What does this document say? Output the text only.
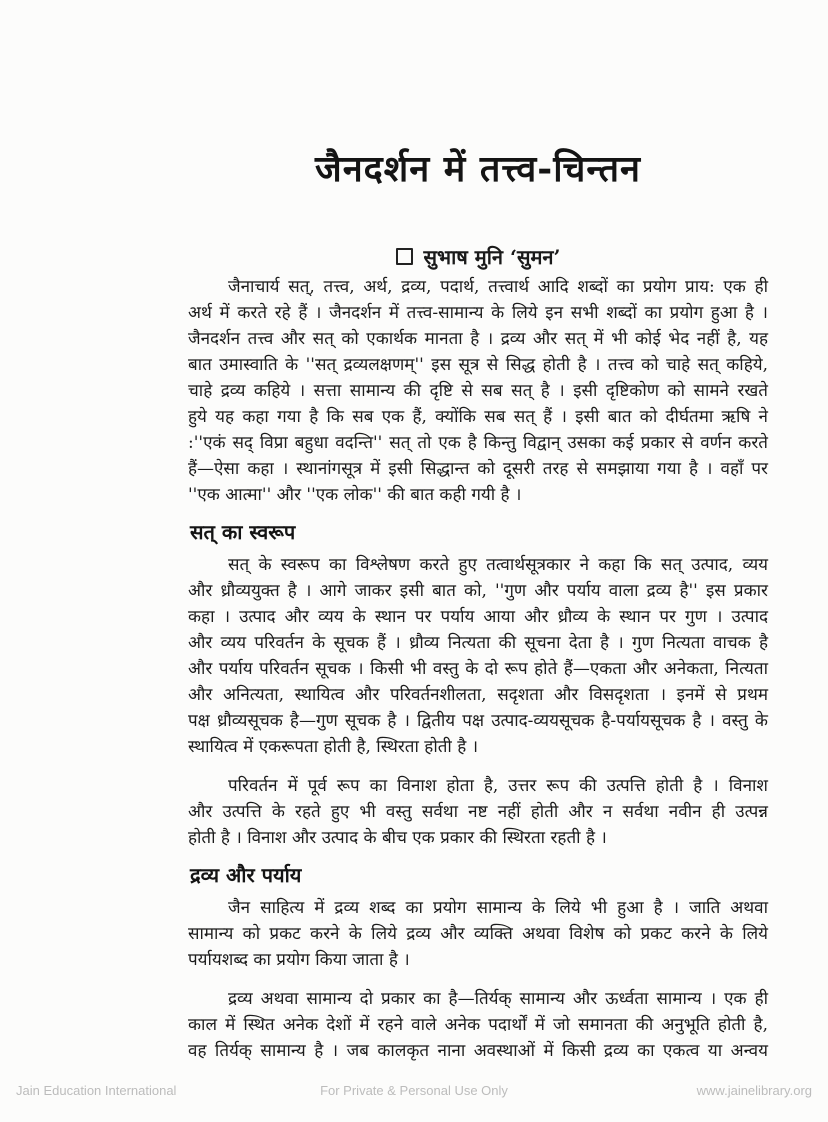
जैनदर्शन में तत्त्व-चिन्तन
सुभाष मुनि ‘सुमन’
जैनाचार्य सत्, तत्त्व, अर्थ, द्रव्य, पदार्थ, तत्त्वार्थ आदि शब्दों का प्रयोग प्राय: एक ही
अर्थ में करते रहे हैं । जैनदर्शन में तत्त्व-सामान्य के लिये इन सभी शब्दों का प्रयोग हुआ है ।
जैनदर्शन तत्त्व और सत् को एकार्थक मानता है । द्रव्य और सत् में भी कोई भेद नहीं है, यह
बात उमास्वाति के ''सत् द्रव्यलक्षणम्'' इस सूत्र से सिद्ध होती है । तत्त्व को चाहे सत् कहिये,
चाहे द्रव्य कहिये । सत्ता सामान्य की दृष्टि से सब सत् है । इसी दृष्टिकोण को सामने रखते
हुये यह कहा गया है कि सब एक हैं, क्योंकि सब सत् हैं । इसी बात को दीर्घतमा ऋषि ने
:''एकं सद् विप्रा बहुधा वदन्ति'' सत् तो एक है किन्तु विद्वान् उसका कई प्रकार से वर्णन करते
हैं—ऐसा कहा । स्थानांगसूत्र में इसी सिद्धान्त को दूसरी तरह से समझाया गया है । वहाँ पर
''एक आत्मा'' और ''एक लोक'' की बात कही गयी है ।
सत् का स्वरूप
सत् के स्वरूप का विश्लेषण करते हुए तत्वार्थसूत्रकार ने कहा कि सत् उत्पाद, व्यय
और ध्रौव्ययुक्त है । आगे जाकर इसी बात को, ''गुण और पर्याय वाला द्रव्य है'' इस प्रकार
कहा । उत्पाद और व्यय के स्थान पर पर्याय आया और ध्रौव्य के स्थान पर गुण । उत्पाद
और व्यय परिवर्तन के सूचक हैं । ध्रौव्य नित्यता की सूचना देता है । गुण नित्यता वाचक है
और पर्याय परिवर्तन सूचक । किसी भी वस्तु के दो रूप होते हैं—एकता और अनेकता, नित्यता
और अनित्यता, स्थायित्व और परिवर्तनशीलता, सदृशता और विसदृशता । इनमें से प्रथम
पक्ष ध्रौव्यसूचक है—गुण सूचक है । द्वितीय पक्ष उत्पाद-व्ययसूचक है-पर्यायसूचक है । वस्तु के
स्थायित्व में एकरूपता होती है, स्थिरता होती है ।
परिवर्तन में पूर्व रूप का विनाश होता है, उत्तर रूप की उत्पत्ति होती है । विनाश
और उत्पत्ति के रहते हुए भी वस्तु सर्वथा नष्ट नहीं होती और न सर्वथा नवीन ही उत्पन्न
होती है । विनाश और उत्पाद के बीच एक प्रकार की स्थिरता रहती है ।
द्रव्य और पर्याय
जैन साहित्य में द्रव्य शब्द का प्रयोग सामान्य के लिये भी हुआ है । जाति अथवा
सामान्य को प्रकट करने के लिये द्रव्य और व्यक्ति अथवा विशेष को प्रकट करने के लिये
पर्यायशब्द का प्रयोग किया जाता है ।
द्रव्य अथवा सामान्य दो प्रकार का है—तिर्यक् सामान्य और ऊर्ध्वता सामान्य । एक ही
काल में स्थित अनेक देशों में रहने वाले अनेक पदार्थों में जो समानता की अनुभूति होती है,
वह तिर्यक् सामान्य है । जब कालकृत नाना अवस्थाओं में किसी द्रव्य का एकत्व या अन्वय
Jain Education International	For Private & Personal Use Only	www.jainelibrary.org
